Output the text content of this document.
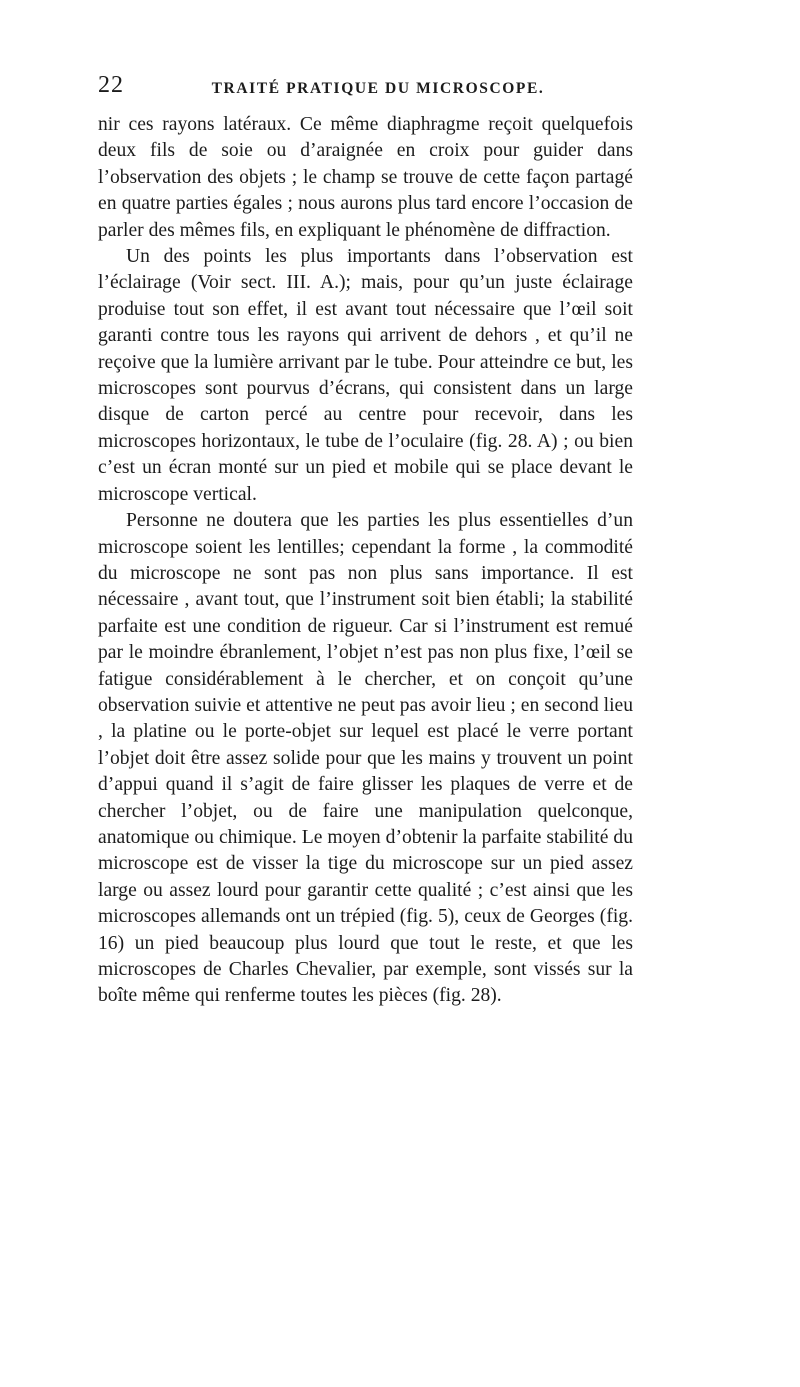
22	TRAITÉ PRATIQUE DU MICROSCOPE.

nir ces rayons latéraux. Ce même diaphragme reçoit quelquefois deux fils de soie ou d’araignée en croix pour guider dans l’observation des objets ; le champ se trouve de cette façon partagé en quatre parties égales ; nous aurons plus tard encore l’occasion de parler des mêmes fils, en expliquant le phénomène de diffraction.

Un des points les plus importants dans l’observation est l’éclairage (Voir sect. III. A.); mais, pour qu’un juste éclairage produise tout son effet, il est avant tout nécessaire que l’œil soit garanti contre tous les rayons qui arrivent de dehors , et qu’il ne reçoive que la lumière arrivant par le tube. Pour atteindre ce but, les microscopes sont pourvus d’écrans, qui consistent dans un large disque de carton percé au centre pour recevoir, dans les microscopes horizontaux, le tube de l’oculaire (fig. 28. A) ; ou bien c’est un écran monté sur un pied et mobile qui se place devant le microscope vertical.

Personne ne doutera que les parties les plus essentielles d’un microscope soient les lentilles; cependant la forme , la commodité du microscope ne sont pas non plus sans importance. Il est nécessaire , avant tout, que l’instrument soit bien établi; la stabilité parfaite est une condition de rigueur. Car si l’instrument est remué par le moindre ébranlement, l’objet n’est pas non plus fixe, l’œil se fatigue considérablement à le chercher, et on conçoit qu’une observation suivie et attentive ne peut pas avoir lieu ; en second lieu , la platine ou le porte-objet sur lequel est placé le verre portant l’objet doit être assez solide pour que les mains y trouvent un point d’appui quand il s’agit de faire glisser les plaques de verre et de chercher l’objet, ou de faire une manipulation quelconque, anatomique ou chimique. Le moyen d’obtenir la parfaite stabilité du microscope est de visser la tige du microscope sur un pied assez large ou assez lourd pour garantir cette qualité ; c’est ainsi que les microscopes allemands ont un trépied (fig. 5), ceux de Georges (fig. 16) un pied beaucoup plus lourd que tout le reste, et que les microscopes de Charles Chevalier, par exemple, sont vissés sur la boîte même qui renferme toutes les pièces (fig. 28).
